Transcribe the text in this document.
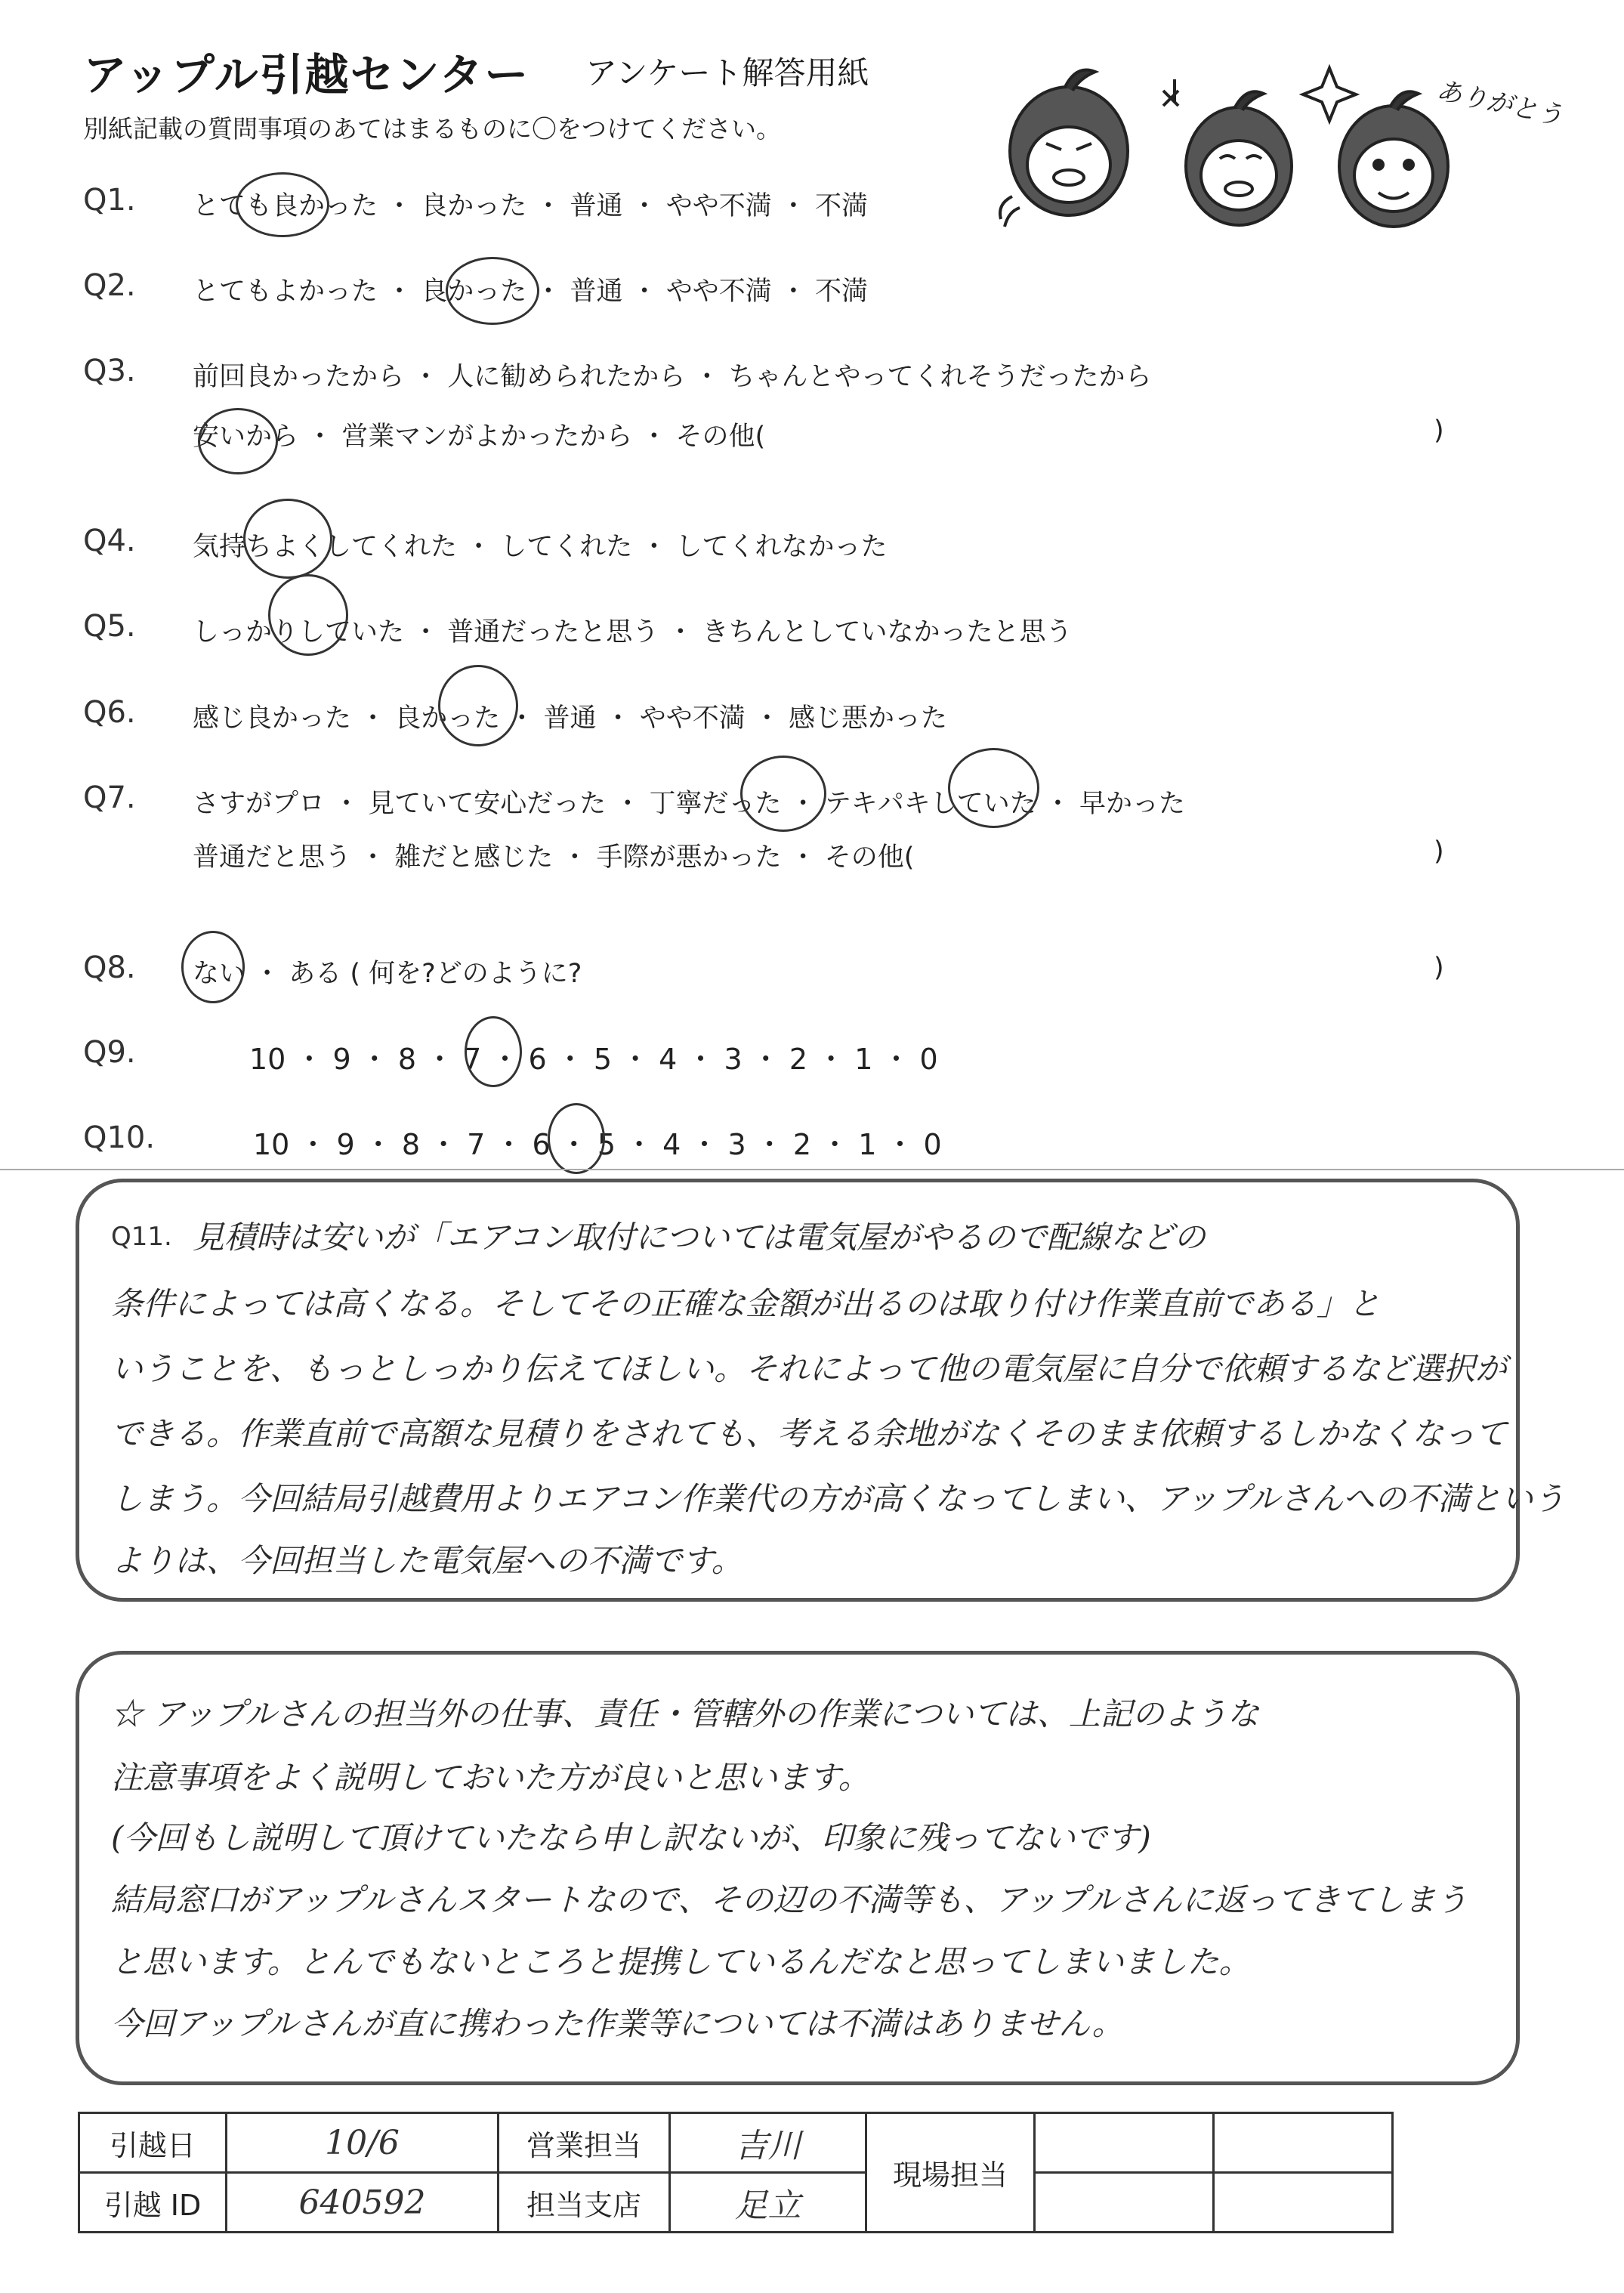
アップル引越センター アンケート解答用紙
別紙記載の質問事項のあてはまるものに〇をつけてください。	ありがとう
Q1. とても良かった ・ 良かった ・ 普通 ・ やや不満 ・ 不満
Q2. とてもよかった ・ 良かった ・ 普通 ・ やや不満 ・ 不満
Q3. 前回良かったから ・ 人に勧められたから ・ ちゃんとやってくれそうだったから
安いから ・ 営業マンがよかったから ・ その他(	)
Q4. 気持ちよくしてくれた ・ してくれた ・ してくれなかった
Q5. しっかりしていた ・ 普通だったと思う ・ きちんとしていなかったと思う
Q6. 感じ良かった ・ 良かった ・ 普通 ・ やや不満 ・ 感じ悪かった
Q7. さすがプロ ・ 見ていて安心だった ・ 丁寧だった ・ テキパキしていた ・ 早かった
普通だと思う ・ 雑だと感じた ・ 手際が悪かった ・ その他(	)
Q8. ない ・ ある ( 何を?どのように?	)
Q9.	10 ・ 9 ・ 8 ・ 7 ・ 6 ・ 5 ・ 4 ・ 3 ・ 2 ・ 1 ・ 0
Q10.	10 ・ 9 ・ 8 ・ 7 ・ 6 ・ 5 ・ 4 ・ 3 ・ 2 ・ 1 ・ 0
Q11. 見積時は安いが「エアコン取付については電気屋がやるので配線などの
条件によっては高くなる。そしてその正確な金額が出るのは取り付け作業直前である」と
いうことを、もっとしっかり伝えてほしい。それによって他の電気屋に自分で依頼するなど選択が
できる。作業直前で高額な見積りをされても、考える余地がなくそのまま依頼するしかなくなって
しまう。今回結局引越費用よりエアコン作業代の方が高くなってしまい、アップルさんへの不満という
よりは、今回担当した電気屋への不満です。
☆ アップルさんの担当外の仕事、責任・管轄外の作業については、上記のような
注意事項をよく説明しておいた方が良いと思います。
(今回もし説明して頂けていたなら申し訳ないが、印象に残ってないです)
結局窓口がアップルさんスタートなので、その辺の不満等も、アップルさんに返ってきてしまう
と思います。とんでもないところと提携しているんだなと思ってしまいました。
今回アップルさんが直に携わった作業等については不満はありません。
引越日	10/6	営業担当	吉川	現場担当		
引越 ID	640592	担当支店	足立			
